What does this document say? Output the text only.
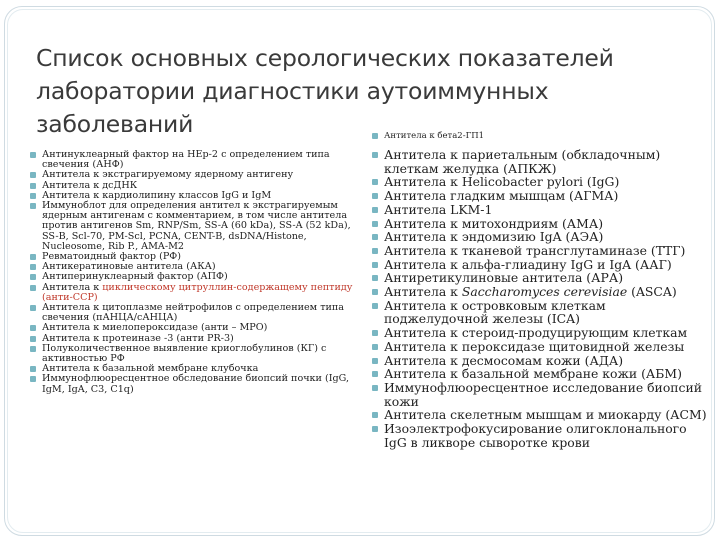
Список основных серологических показателей лаборатории диагностики аутоиммунных заболеваний
Антинуклеарный фактор на HEp-2 с определением типа свечения (АНФ)
Антитела к экстрагируемому ядерному антигену
Антитела к дсДНК
Антитела к кардиолипину классов IgG и IgM
Иммуноблот для определения антител к экстрагируемым ядерным антигенам с комментарием, в том числе антитела против антигенов Sm, RNP/Sm, SS-A (60 kDa), SS-A (52 kDa), SS-B, Scl-70, PM-Scl, PCNA, CENT-B, dsDNA/Histone, Nucleosome, Rib P., AMA-M2
Ревматоидный фактор (РФ)
Антикератиновые антитела (АКА)
Антиперинуклеарный фактор (АПФ)
Антитела к циклическому цитруллин-содержащему пептиду (анти-CCP)
Антитела к цитоплазме нейтрофилов с определением типа свечения (пАНЦА/сАНЦА)
Антитела к миелопероксидазе (анти – MPO)
Антитела к протеиназе -3 (анти PR-3)
Полуколичественное выявление криоглобулинов (КГ) с активностью РФ
Антитела к базальной мембране клубочка
Иммунофлюоресцентное обследование биопсий почки (IgG, IgM, IgA, C3, C1q)
Антитела к бета2-ГП1
Антитела к париетальным (обкладочным) клеткам желудка (АПКЖ)
Антитела к Helicobacter pylori (IgG)
Антитела гладким мышцам (АГМА)
Антитела LKM-1
Антитела к митохондриям (АМА)
Антитела к эндомизию IgA (АЭА)
Антитела к тканевой трансглутаминазе (ТТГ)
Антитела к альфа-глиадину IgG и IgA (ААГ)
Антиретикулиновые антитела (АРА)
Антитела к Saccharomyces cerevisiae (ASCA)
Антитела к островковым клеткам поджелудочной железы (ICA)
Антитела к стероид-продуцирующим клеткам
Антитела к пероксидазе щитовидной железы
Антитела к десмосомам кожи (АДА)
Антитела к базальной мембране кожи (АБМ)
Иммунофлюоресцентное исследование биопсий кожи
Антитела скелетным мышцам и миокарду (АСМ)
Изоэлектрофокусирование олигоклонального IgG в ликворе сыворотке крови
